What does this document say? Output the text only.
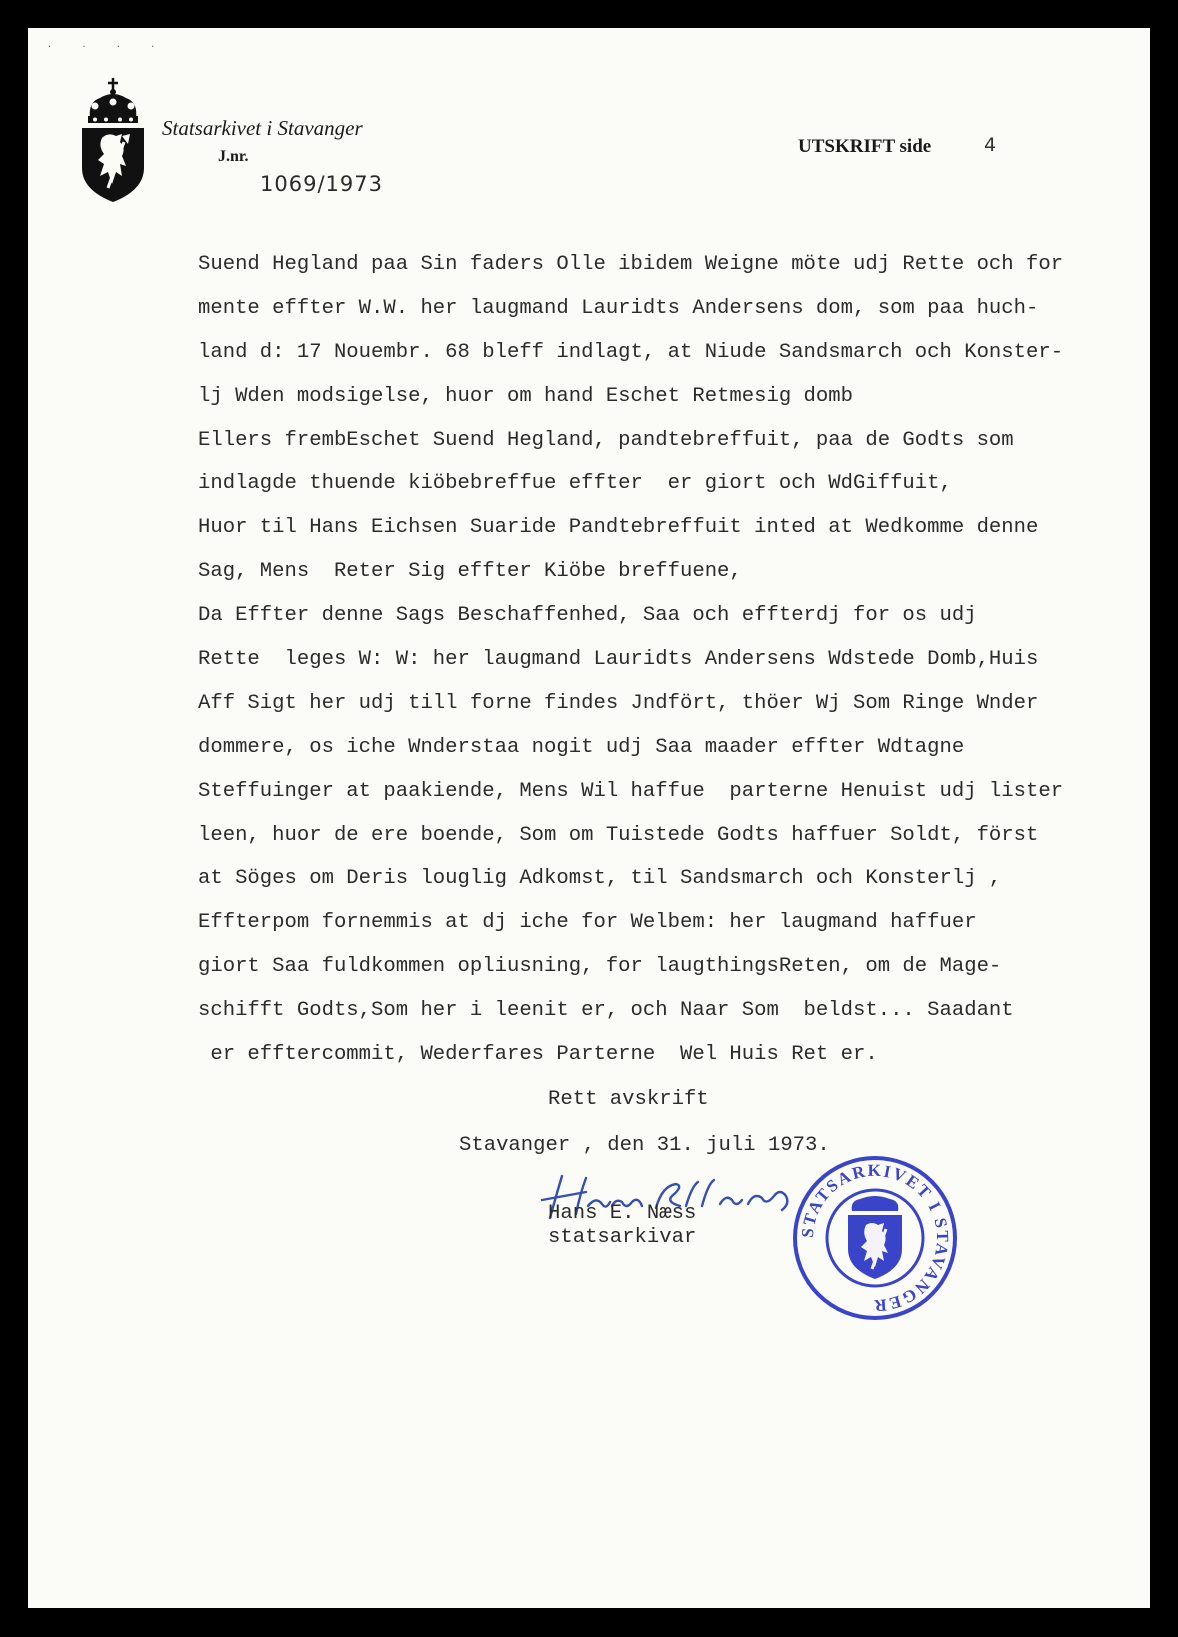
· · · ·
Statsarkivet i Stavanger
J.nr.
1069/1973
UTSKRIFT side	4
Suend Hegland paa Sin faders Olle ibidem Weigne möte udj Rette och for
mente effter W.W. her laugmand Lauridts Andersens dom, som paa huch-
land d: 17 Nouembr. 68 bleff indlagt, at Niude Sandsmarch och Konster-
lj Wden modsigelse, huor om hand Eschet Retmesig domb
Ellers frembEschet Suend Hegland, pandtebreffuit, paa de Godts som
indlagde thuende kiöbebreffue effter  er giort och WdGiffuit,
Huor til Hans Eichsen Suaride Pandtebreffuit inted at Wedkomme denne
Sag, Mens  Reter Sig effter Kiöbe breffuene,
Da Effter denne Sags Beschaffenhed, Saa och effterdj for os udj
Rette  leges W: W: her laugmand Lauridts Andersens Wdstede Domb,Huis
Aff Sigt her udj till forne findes Jndfört, thöer Wj Som Ringe Wnder
dommere, os iche Wnderstaa nogit udj Saa maader effter Wdtagne
Steffuinger at paakiende, Mens Wil haffue  parterne Henuist udj lister
leen, huor de ere boende, Som om Tuistede Godts haffuer Soldt, först
at Söges om Deris louglig Adkomst, til Sandsmarch och Konsterlj ,
Effterpom fornemmis at dj iche for Welbem: her laugmand haffuer
giort Saa fuldkommen opliusning, for laugthingsReten, om de Mage-
schifft Godts,Som her i leenit er, och Naar Som  beldst... Saadant
er efftercommit, Wederfares Parterne  Wel Huis Ret er.
Rett avskrift
Stavanger , den 31. juli 1973.
Hans E. Næss
statsarkivar	STATSARKIVET I STAVANGER
